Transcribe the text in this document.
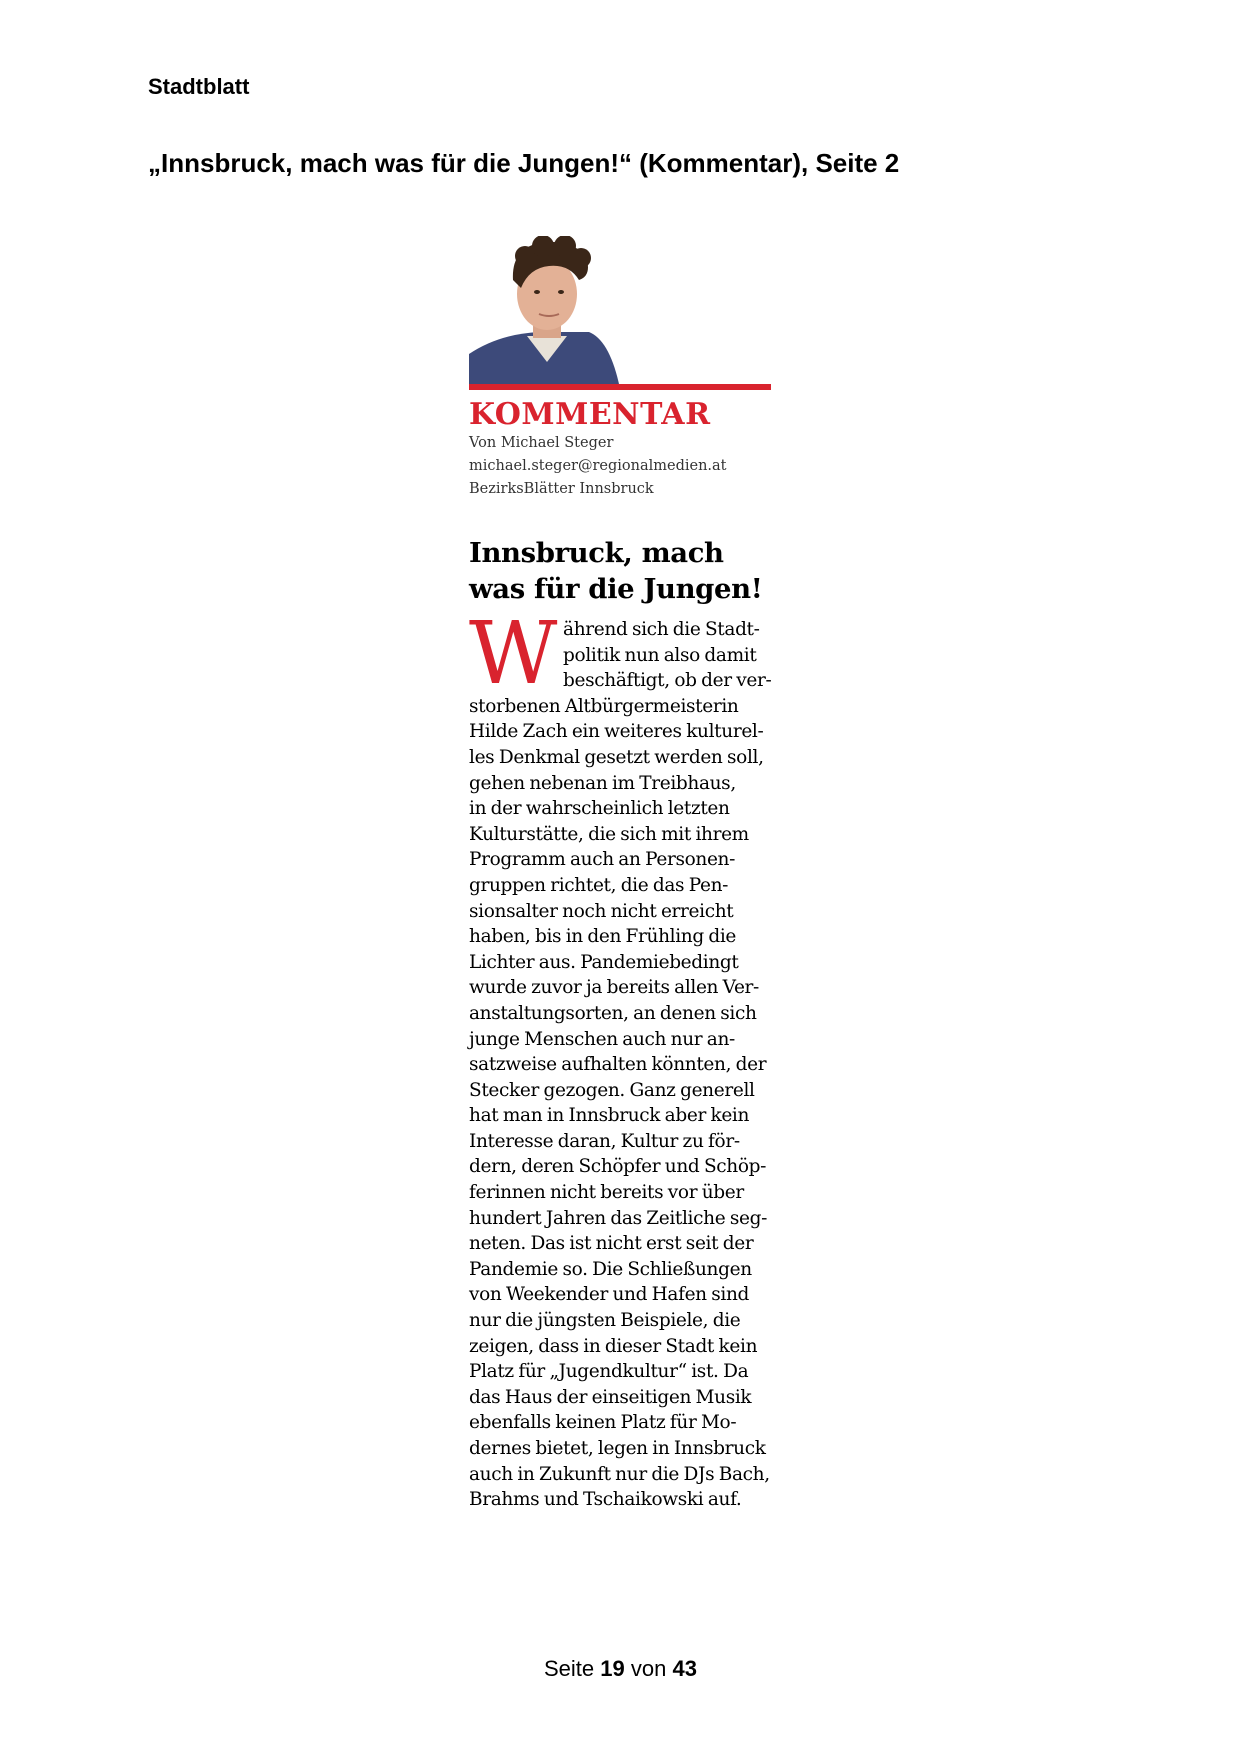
Stadtblatt
„Innsbruck, mach was für die Jungen!“ (Kommentar), Seite 2
KOMMENTAR
Von Michael Steger
michael.steger@regionalmedien.at
BezirksBlätter Innsbruck
Innsbruck, mach
was für die Jungen!
W ährend sich die Stadt-
politik nun also damit
beschäftigt, ob der ver-
storbenen Altbürgermeisterin
Hilde Zach ein weiteres kulturel-
les Denkmal gesetzt werden soll,
gehen nebenan im Treibhaus,
in der wahrscheinlich letzten
Kulturstätte, die sich mit ihrem
Programm auch an Personen-
gruppen richtet, die das Pen-
sionsalter noch nicht erreicht
haben, bis in den Frühling die
Lichter aus. Pandemiebedingt
wurde zuvor ja bereits allen Ver-
anstaltungsorten, an denen sich
junge Menschen auch nur an-
satzweise aufhalten könnten, der
Stecker gezogen. Ganz generell
hat man in Innsbruck aber kein
Interesse daran, Kultur zu för-
dern, deren Schöpfer und Schöp-
ferinnen nicht bereits vor über
hundert Jahren das Zeitliche seg-
neten. Das ist nicht erst seit der
Pandemie so. Die Schließungen
von Weekender und Hafen sind
nur die jüngsten Beispiele, die
zeigen, dass in dieser Stadt kein
Platz für „Jugendkultur“ ist. Da
das Haus der einseitigen Musik
ebenfalls keinen Platz für Mo-
dernes bietet, legen in Innsbruck
auch in Zukunft nur die DJs Bach,
Brahms und Tschaikowski auf.
Seite 19 von 43
